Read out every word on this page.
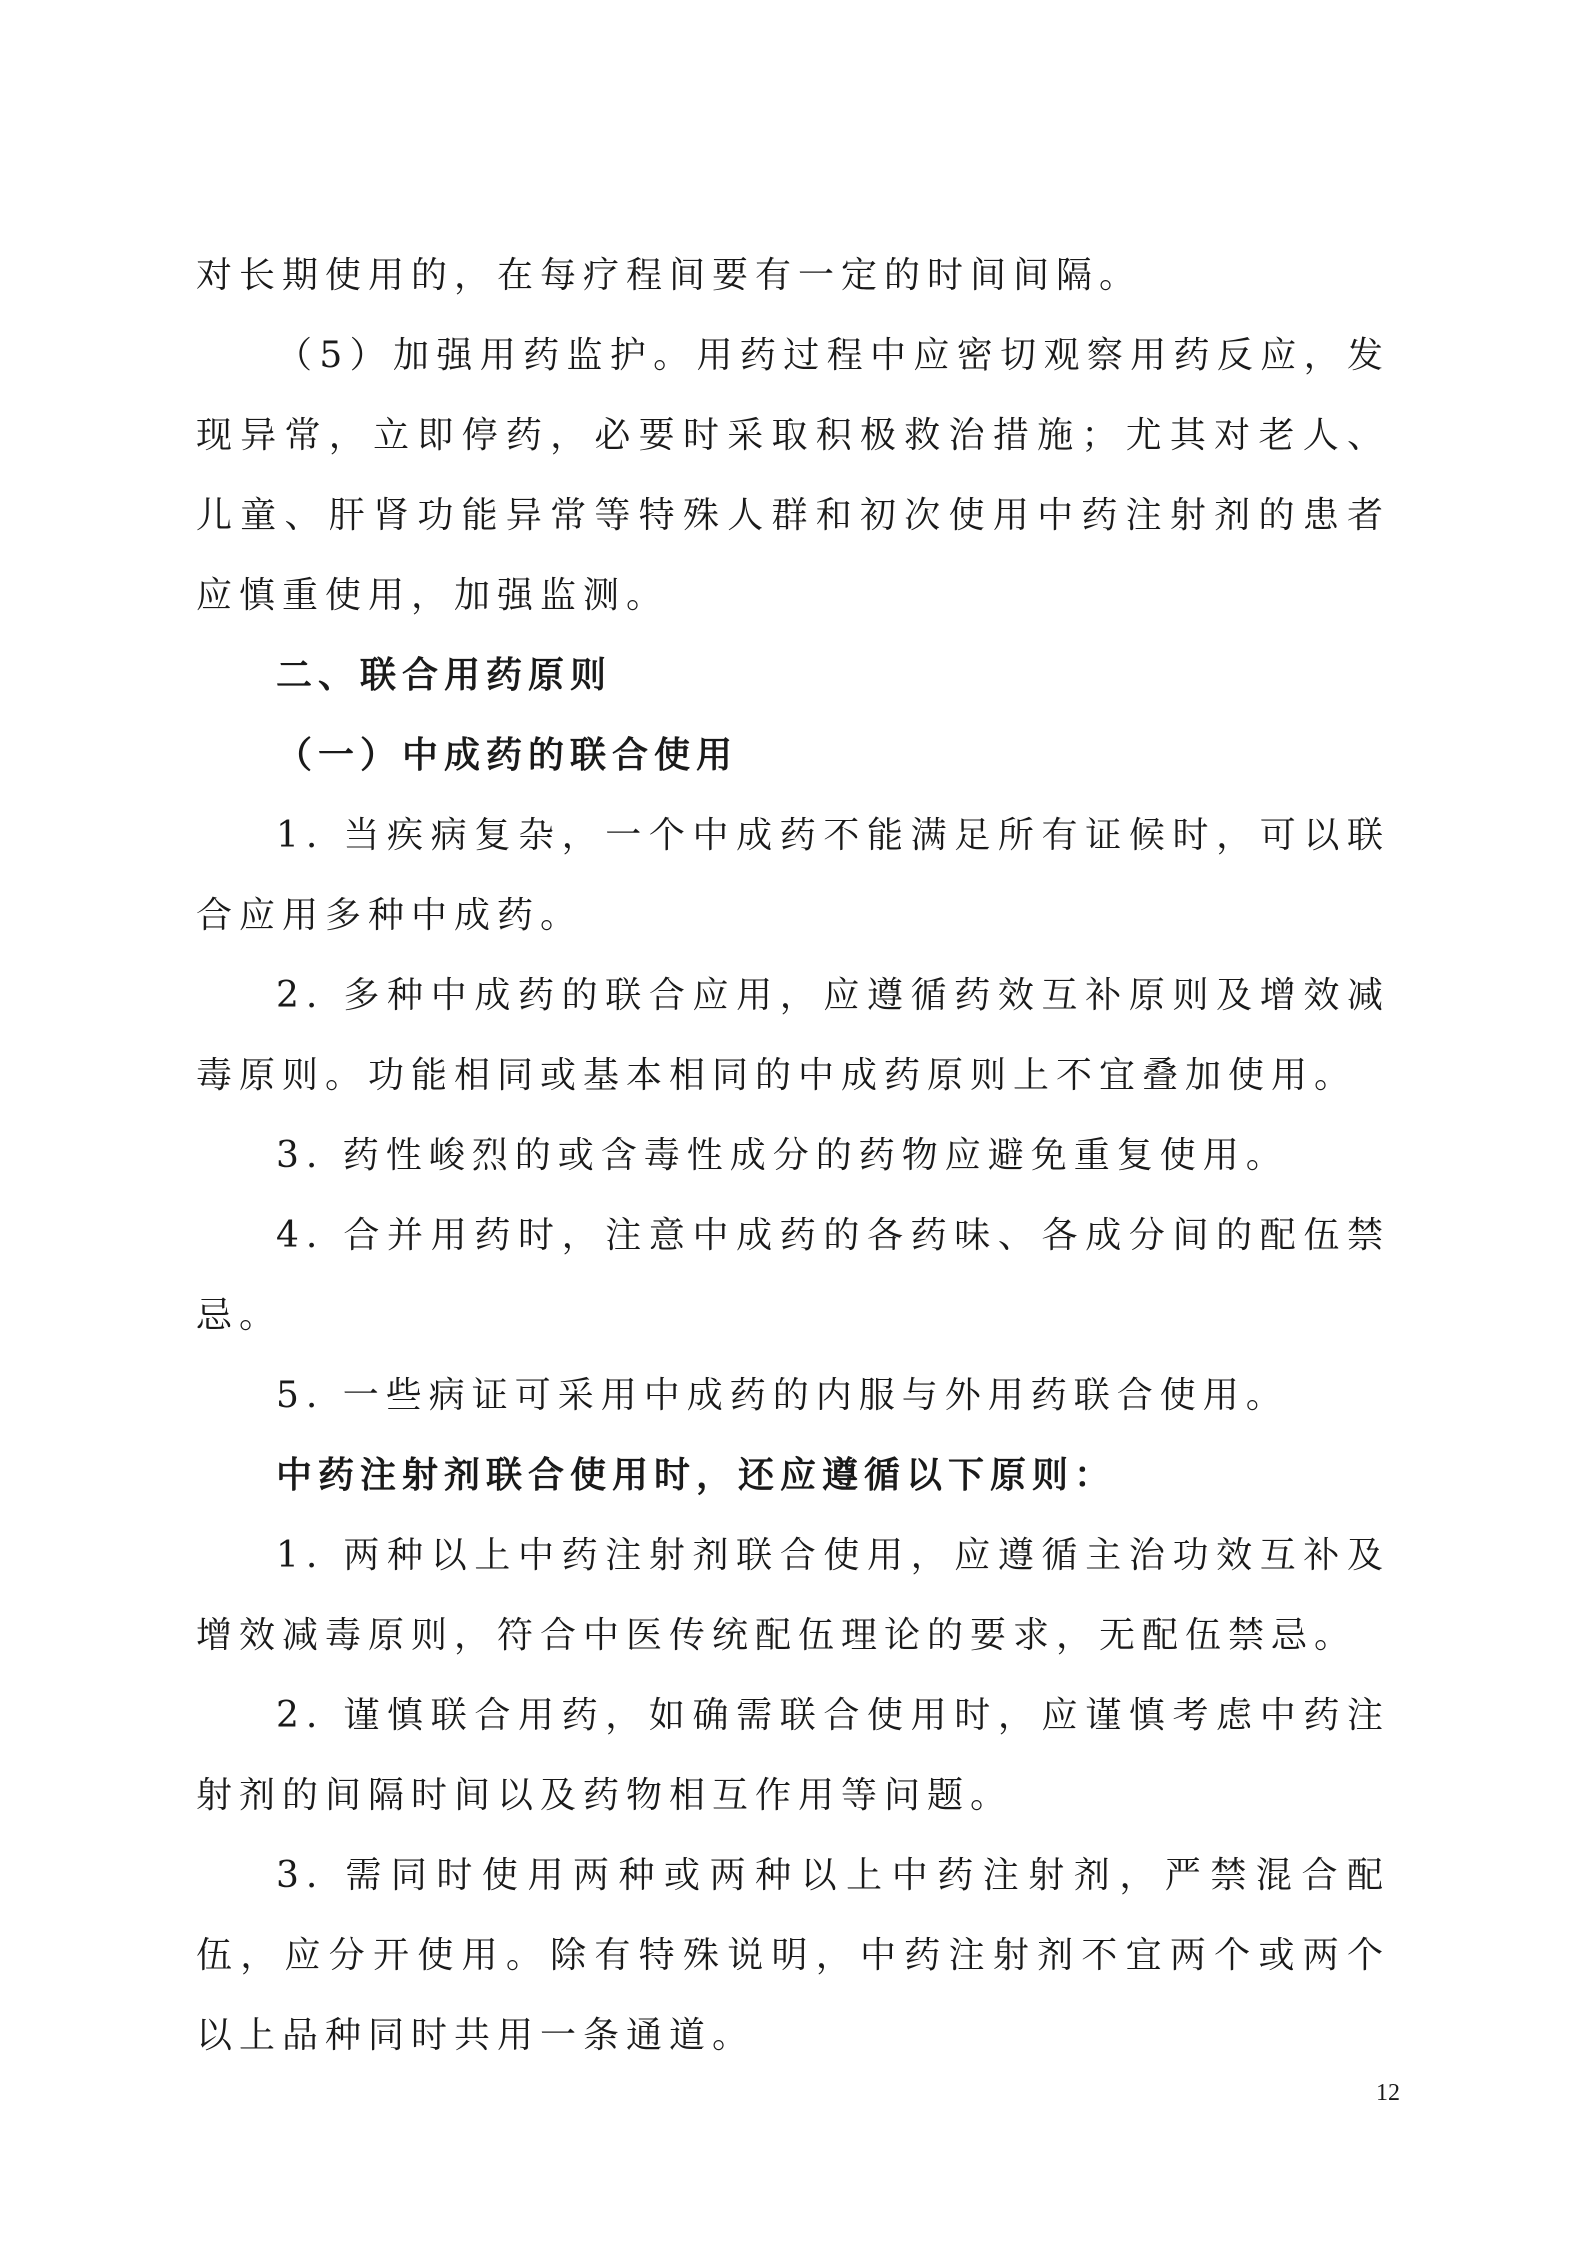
对长期使用的，在每疗程间要有一定的时间间隔。

（5）加强用药监护。用药过程中应密切观察用药反应，发现异常，立即停药，必要时采取积极救治措施；尤其对老人、儿童、肝肾功能异常等特殊人群和初次使用中药注射剂的患者应慎重使用，加强监测。

二、联合用药原则

（一）中成药的联合使用

1. 当疾病复杂，一个中成药不能满足所有证候时，可以联合应用多种中成药。

2. 多种中成药的联合应用，应遵循药效互补原则及增效减毒原则。功能相同或基本相同的中成药原则上不宜叠加使用。

3. 药性峻烈的或含毒性成分的药物应避免重复使用。

4. 合并用药时，注意中成药的各药味、各成分间的配伍禁忌。

5. 一些病证可采用中成药的内服与外用药联合使用。

中药注射剂联合使用时，还应遵循以下原则：

1. 两种以上中药注射剂联合使用，应遵循主治功效互补及增效减毒原则，符合中医传统配伍理论的要求，无配伍禁忌。

2. 谨慎联合用药，如确需联合使用时，应谨慎考虑中药注射剂的间隔时间以及药物相互作用等问题。

3. 需同时使用两种或两种以上中药注射剂，严禁混合配伍，应分开使用。除有特殊说明，中药注射剂不宜两个或两个以上品种同时共用一条通道。

12
